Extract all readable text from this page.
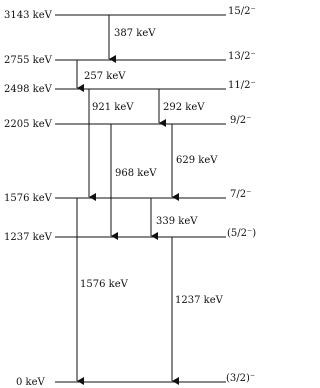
3143 keV
2755 keV
2498 keV
2205 keV
1576 keV
1237 keV
0 keV
15/2⁻
13/2⁻
11/2⁻
9/2⁻
7/2⁻
(5/2⁻)
(3/2)⁻
387 keV
257 keV
921 keV	292 keV
968 keV
629 keV
339 keV
1576 keV
1237 keV
